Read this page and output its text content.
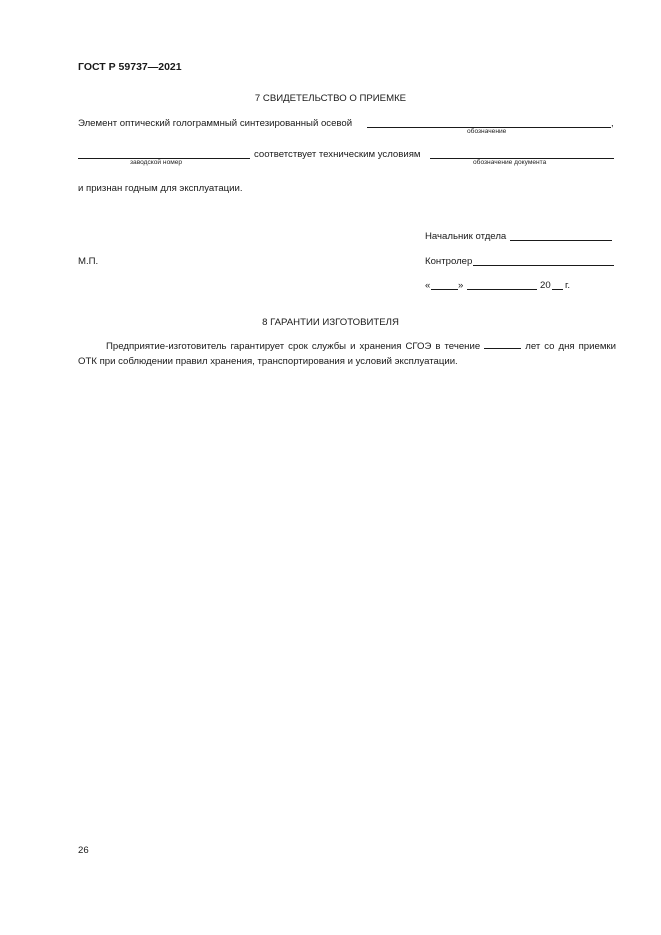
ГОСТ Р 59737—2021
7 СВИДЕТЕЛЬСТВО О ПРИЕМКЕ
Элемент оптический голограммный синтезированный осевой	,
обозначение
соответствует техническим условиям
заводской номер	обозначение документа
и признан годным для эксплуатации.
Начальник отдела
М.П.	Контролер
«	»	20 г.
8 ГАРАНТИИ ИЗГОТОВИТЕЛЯ
Предприятие-изготовитель гарантирует срок службы и хранения СГОЭ в течение	лет со дня приемки ОТК при соблюдении правил хранения, транспортирования и условий эксплуатации.
26
